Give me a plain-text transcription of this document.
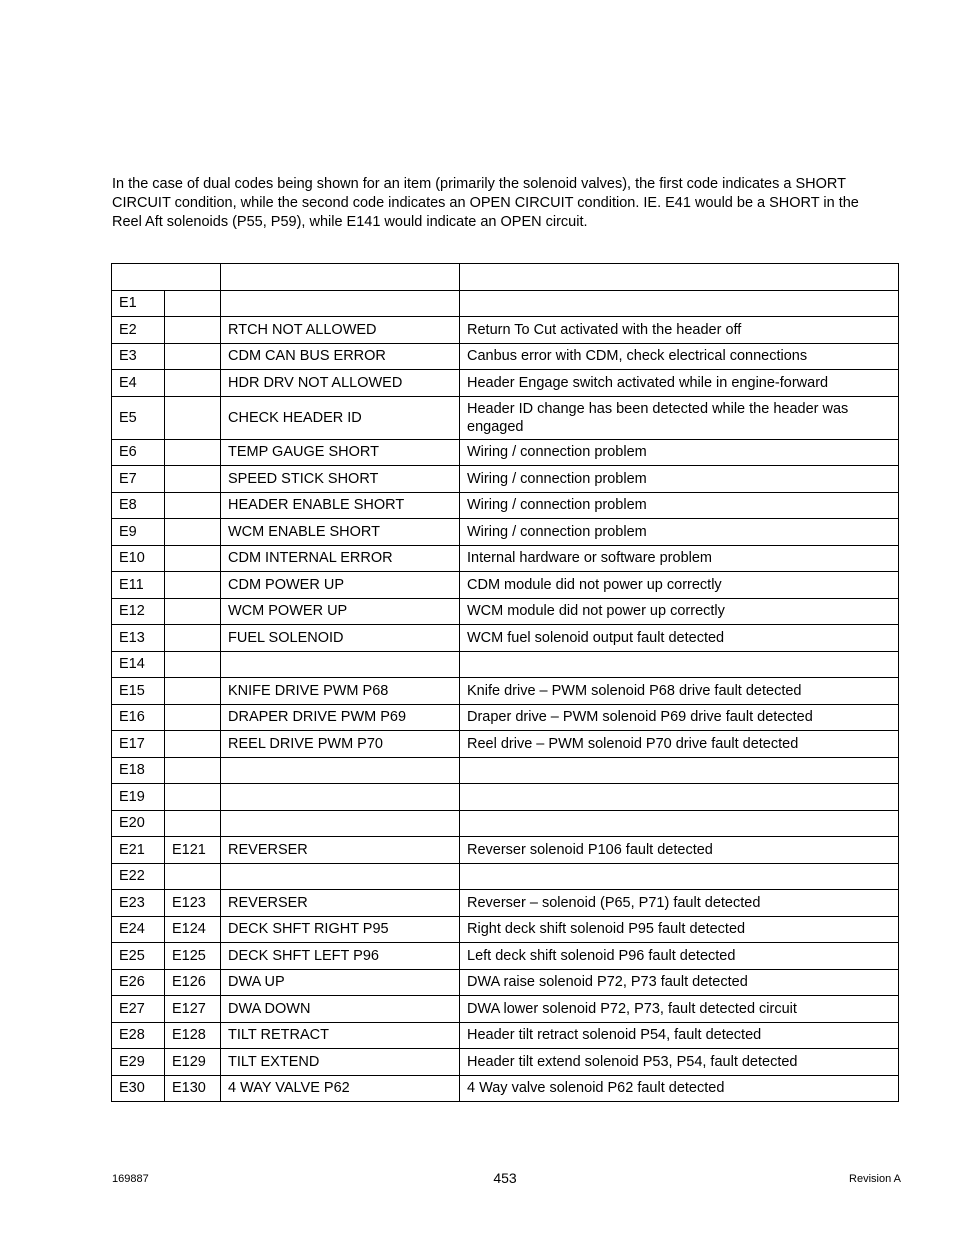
In the case of dual codes being shown for an item (primarily the solenoid valves), the first code indicates a SHORT CIRCUIT condition, while the second code indicates an OPEN CIRCUIT condition. IE. E41 would be a SHORT in the Reel Aft solenoids (P55, P59), while E141 would indicate an OPEN circuit.

E1			
E2		RTCH NOT ALLOWED	Return To Cut activated with the header off
E3		CDM CAN BUS ERROR	Canbus error with CDM, check electrical connections
E4		HDR DRV NOT ALLOWED	Header Engage switch activated while in engine-forward
E5		CHECK HEADER ID	Header ID change has been detected while the header was engaged
E6		TEMP GAUGE SHORT	Wiring / connection problem
E7		SPEED STICK SHORT	Wiring / connection problem
E8		HEADER ENABLE SHORT	Wiring / connection problem
E9		WCM ENABLE SHORT	Wiring / connection problem
E10		CDM INTERNAL ERROR	Internal hardware or software problem
E11		CDM POWER UP	CDM module did not power up correctly
E12		WCM POWER UP	WCM module did not power up correctly
E13		FUEL SOLENOID	WCM fuel solenoid output fault detected
E14			
E15		KNIFE DRIVE PWM P68	Knife drive – PWM solenoid P68 drive fault detected
E16		DRAPER DRIVE PWM P69	Draper drive – PWM solenoid P69 drive fault detected
E17		REEL DRIVE PWM P70	Reel drive – PWM solenoid P70 drive fault detected
E18			
E19			
E20			
E21	E121	REVERSER	Reverser solenoid P106 fault detected
E22			
E23	E123	REVERSER	Reverser – solenoid (P65, P71) fault detected
E24	E124	DECK SHFT RIGHT P95	Right deck shift solenoid P95 fault detected
E25	E125	DECK SHFT LEFT P96	Left deck shift solenoid P96 fault detected
E26	E126	DWA UP	DWA raise solenoid P72, P73 fault detected
E27	E127	DWA DOWN	DWA lower solenoid P72, P73, fault detected circuit
E28	E128	TILT RETRACT	Header tilt retract solenoid P54, fault detected
E29	E129	TILT EXTEND	Header tilt extend solenoid P53, P54, fault detected
E30	E130	4 WAY VALVE P62	4 Way valve solenoid P62 fault detected
169887	453	Revision A
